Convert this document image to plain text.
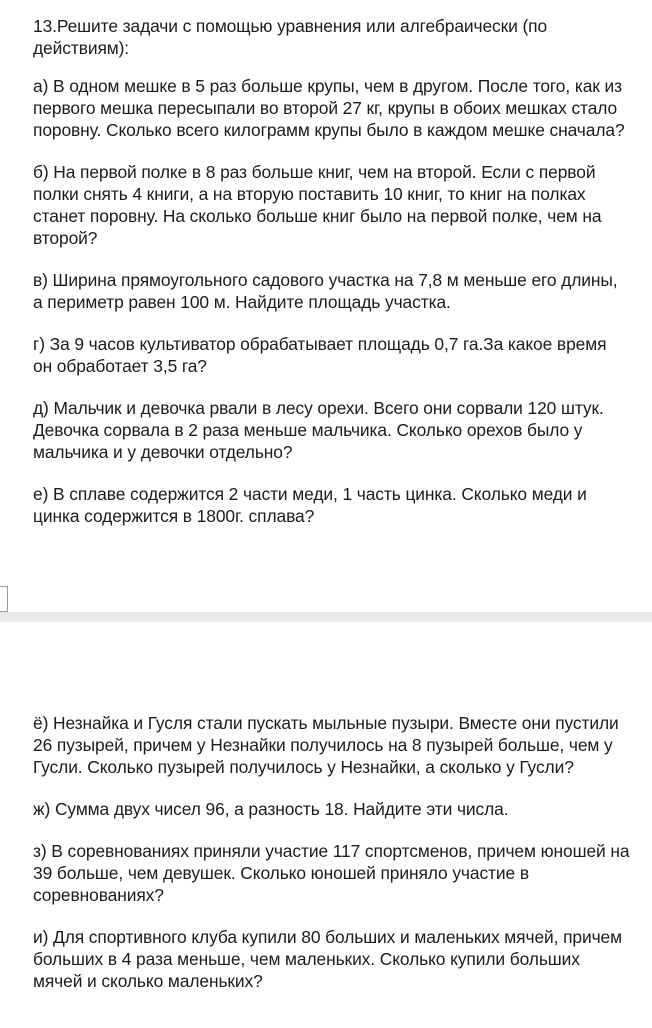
13.Решите задачи с помощью уравнения или алгебраически (по действиям):

а) В одном мешке в 5 раз больше крупы, чем в другом. После того, как из первого мешка пересыпали во второй 27 кг, крупы в обоих мешках стало поровну. Сколько всего килограмм крупы было в каждом мешке сначала?

б) На первой полке в 8 раз больше книг, чем на второй. Если с первой полки снять 4 книги, а на вторую поставить 10 книг, то книг на полках станет поровну. На сколько больше книг было на первой полке, чем на второй?

в) Ширина прямоугольного садового участка на 7,8 м меньше его длины, а периметр равен 100 м. Найдите площадь участка.

г) За 9 часов культиватор обрабатывает площадь 0,7 га.За какое время он обработает 3,5 га?

д) Мальчик и девочка рвали в лесу орехи. Всего они сорвали 120 штук. Девочка сорвала в 2 раза меньше мальчика. Сколько орехов было у мальчика и у девочки отдельно?

е) В сплаве содержится 2 части меди, 1 часть цинка. Сколько меди и цинка содержится в 1800г. сплава?

ё) Незнайка и Гусля стали пускать мыльные пузыри. Вместе они пустили 26 пузырей, причем у Незнайки получилось на 8 пузырей больше, чем у Гусли. Сколько пузырей получилось у Незнайки, а сколько у Гусли?

ж) Сумма двух чисел 96, а разность 18. Найдите эти числа.

з) В соревнованиях приняли участие 117 спортсменов, причем юношей на 39 больше, чем девушек. Сколько юношей приняло участие в соревнованиях?

и) Для спортивного клуба купили 80 больших и маленьких мячей, причем больших в 4 раза меньше, чем маленьких. Сколько купили больших мячей и сколько маленьких?
